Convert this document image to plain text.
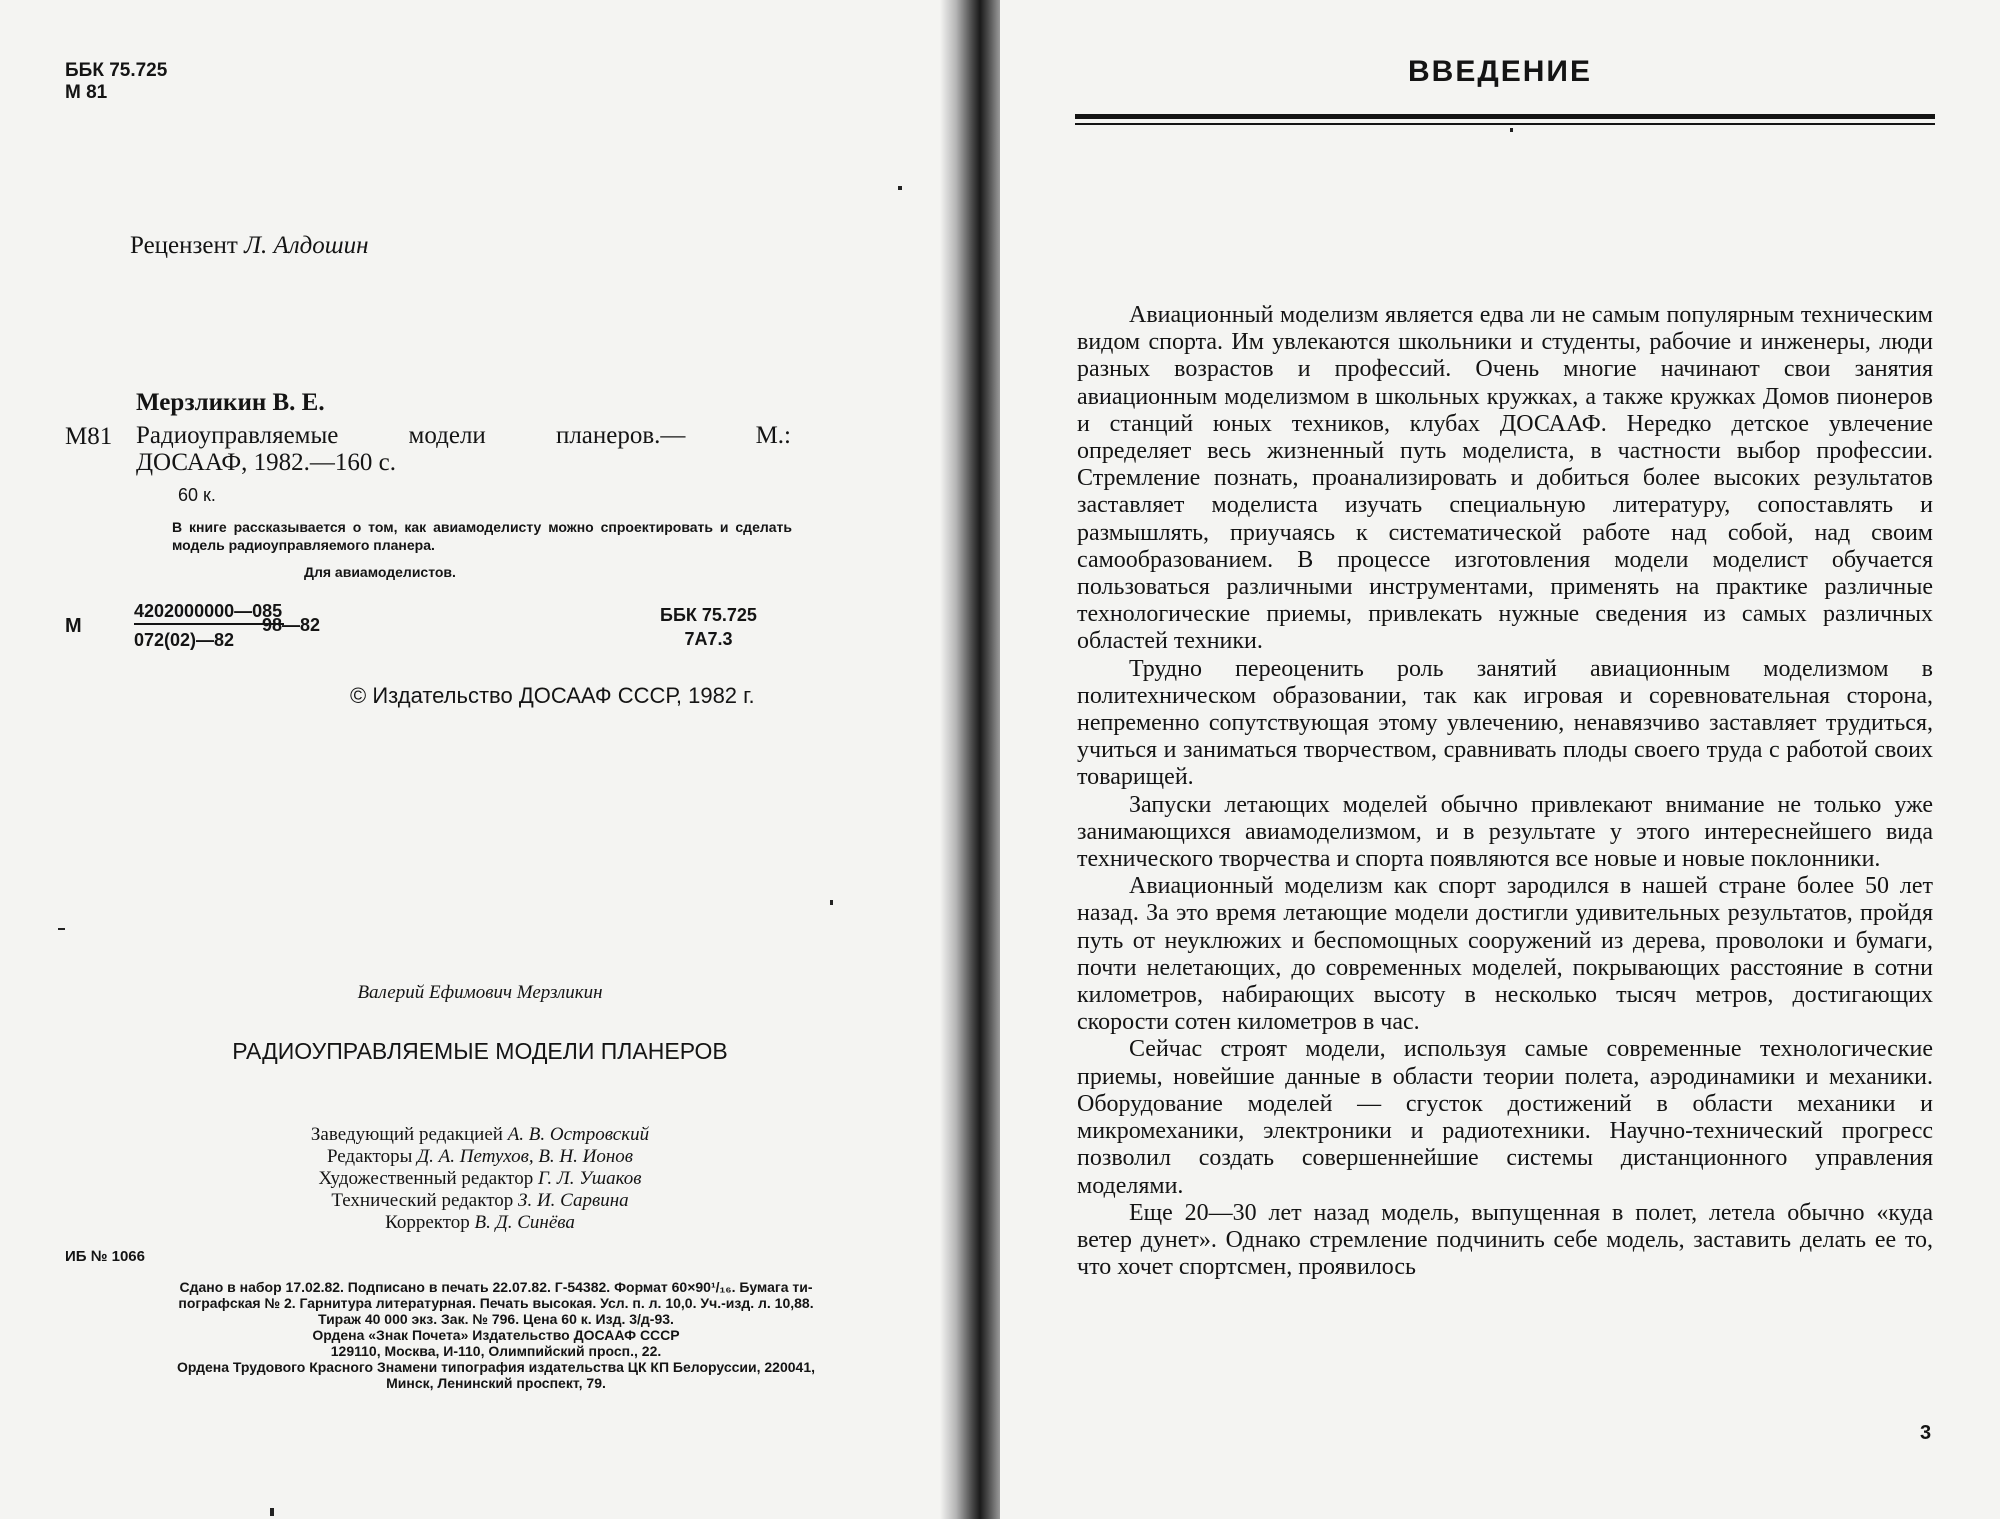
ББК 75.725
М 81
Рецензент Л. Алдошин
Мерзликин В. Е.
М81 Радиоуправляемые модели планеров.— М.:
ДОСААФ, 1982.—160 с.
60 к.
В книге рассказывается о том, как авиамоделисту можно спроектировать и сделать модель радиоуправляемого планера.
Для авиамоделистов.
М
4202000000—085
072(02)—82
98—82	ББК 75.725
7А7.3
© Издательство ДОСААФ СССР, 1982 г.
Валерий Ефимович Мерзликин
РАДИОУПРАВЛЯЕМЫЕ МОДЕЛИ ПЛАНЕРОВ
Заведующий редакцией А. В. Островский
Редакторы Д. А. Петухов, В. Н. Ионов
Художественный редактор Г. Л. Ушаков
Технический редактор З. И. Сарвина
Корректор В. Д. Синёва
ИБ № 1066
Сдано в набор 17.02.82. Подписано в печать 22.07.82. Г-54382. Формат 60×90¹/₁₆. Бумага ти-
пографская № 2. Гарнитура литературная. Печать высокая. Усл. п. л. 10,0. Уч.-изд. л. 10,88.
Тираж 40 000 экз. Зак. № 796. Цена 60 к. Изд. 3/д-93.
Ордена «Знак Почета» Издательство ДОСААФ СССР
129110, Москва, И-110, Олимпийский просп., 22.
Ордена Трудового Красного Знамени типография издательства ЦК КП Белоруссии, 220041,
Минск, Ленинский проспект, 79.
ВВЕДЕНИЕ

Авиационный моделизм является едва ли не самым популярным техническим видом спорта. Им увлекаются школьники и студенты, рабочие и инженеры, люди разных возрастов и профессий. Очень многие начинают свои занятия авиационным моделизмом в школьных кружках, а также кружках Домов пионеров и станций юных техников, клубах ДОСААФ. Нередко детское увлечение определяет весь жизненный путь моделиста, в частности выбор профессии. Стремление познать, проанализировать и добиться более высоких результатов заставляет моделиста изучать специальную литературу, сопоставлять и размышлять, приучаясь к систематической работе над собой, над своим самообразованием. В процессе изготовления модели моделист обучается пользоваться различными инструментами, применять на практике различные технологические приемы, привлекать нужные сведения из самых различных областей техники.

Трудно переоценить роль занятий авиационным моделизмом в политехническом образовании, так как игровая и соревновательная сторона, непременно сопутствующая этому увлечению, ненавязчиво заставляет трудиться, учиться и заниматься творчеством, сравнивать плоды своего труда с работой своих товарищей.

Запуски летающих моделей обычно привлекают внимание не только уже занимающихся авиамоделизмом, и в результате у этого интереснейшего вида технического творчества и спорта появляются все новые и новые поклонники.

Авиационный моделизм как спорт зародился в нашей стране более 50 лет назад. За это время летающие модели достигли удивительных результатов, пройдя путь от неуклюжих и беспомощных сооружений из дерева, проволоки и бумаги, почти нелетающих, до современных моделей, покрывающих расстояние в сотни километров, набирающих высоту в несколько тысяч метров, достигающих скорости сотен километров в час.

Сейчас строят модели, используя самые современные технологические приемы, новейшие данные в области теории полета, аэродинамики и механики. Оборудование моделей — сгусток достижений в области механики и микромеханики, электроники и радиотехники. Научно-технический прогресс позволил создать совершеннейшие системы дистанционного управления моделями.

Еще 20—30 лет назад модель, выпущенная в полет, летела обычно «куда ветер дунет». Однако стремление подчинить себе модель, заставить делать ее то, что хочет спортсмен, проявилось

3
